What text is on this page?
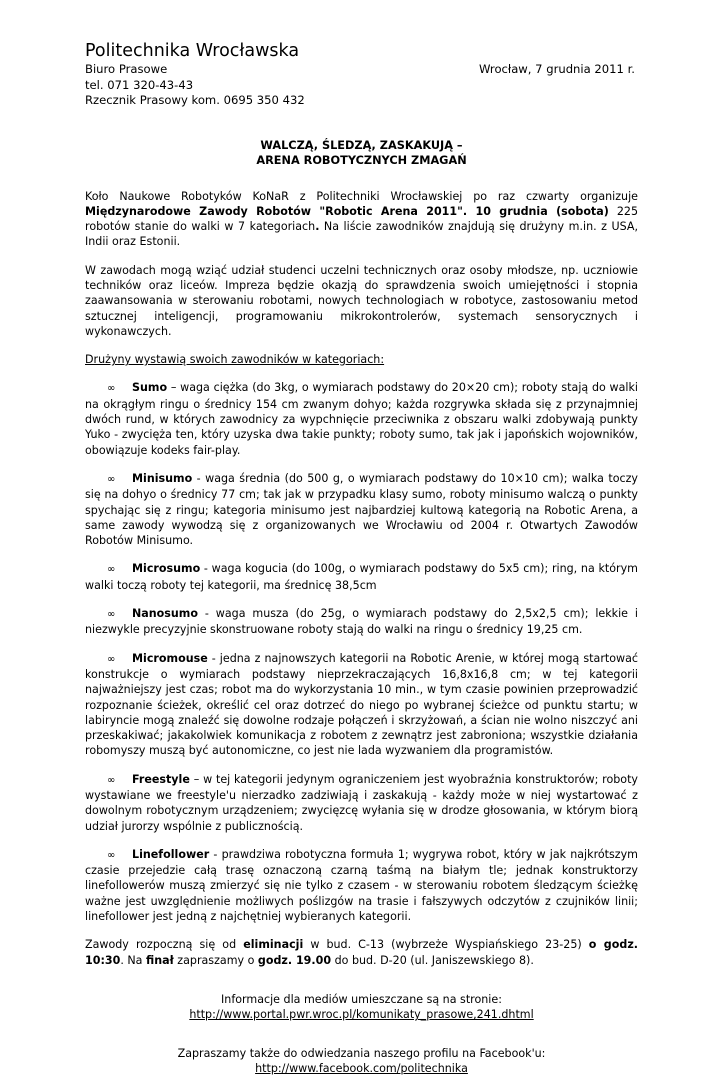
Politechnika Wrocławska
Biuro Prasowe	Wrocław, 7 grudnia 2011 r.
tel. 071 320-43-43
Rzecznik Prasowy kom. 0695 350 432
WALCZĄ, ŚLEDZĄ, ZASKAKUJĄ –
ARENA ROBOTYCZNYCH ZMAGAŃ

Koło Naukowe Robotyków KoNaR z Politechniki Wrocławskiej po raz czwarty organizuje Międzynarodowe Zawody Robotów "Robotic Arena 2011". 10 grudnia (sobota) 225 robotów stanie do walki w 7 kategoriach. Na liście zawodników znajdują się drużyny m.in. z USA, Indii oraz Estonii.

W zawodach mogą wziąć udział studenci uczelni technicznych oraz osoby młodsze, np. uczniowie techników oraz liceów. Impreza będzie okazją do sprawdzenia swoich umiejętności i stopnia zaawansowania w sterowaniu robotami, nowych technologiach w robotyce, zastosowaniu metod sztucznej inteligencji, programowaniu mikrokontrolerów, systemach sensorycznych i wykonawczych.

Drużyny wystawią swoich zawodników w kategoriach:

∞ Sumo – waga ciężka (do 3kg, o wymiarach podstawy do 20×20 cm); roboty stają do walki na okrągłym ringu o średnicy 154 cm zwanym dohyo; każda rozgrywka składa się z przynajmniej dwóch rund, w których zawodnicy za wypchnięcie przeciwnika z obszaru walki zdobywają punkty Yuko - zwycięża ten, który uzyska dwa takie punkty; roboty sumo, tak jak i japońskich wojowników, obowiązuje kodeks fair-play.

∞ Minisumo - waga średnia (do 500 g, o wymiarach podstawy do 10×10 cm); walka toczy się na dohyo o średnicy 77 cm; tak jak w przypadku klasy sumo, roboty minisumo walczą o punkty spychając się z ringu; kategoria minisumo jest najbardziej kultową kategorią na Robotic Arena, a same zawody wywodzą się z organizowanych we Wrocławiu od 2004 r. Otwartych Zawodów Robotów Minisumo.

∞ Microsumo - waga kogucia (do 100g, o wymiarach podstawy do 5x5 cm); ring, na którym walki toczą roboty tej kategorii, ma średnicę 38,5cm

∞ Nanosumo - waga musza (do 25g, o wymiarach podstawy do 2,5x2,5 cm); lekkie i niezwykle precyzyjnie skonstruowane roboty stają do walki na ringu o średnicy 19,25 cm.

∞ Micromouse - jedna z najnowszych kategorii na Robotic Arenie, w której mogą startować konstrukcje o wymiarach podstawy nieprzekraczających 16,8x16,8 cm; w tej kategorii najważniejszy jest czas; robot ma do wykorzystania 10 min., w tym czasie powinien przeprowadzić rozpoznanie ścieżek, określić cel oraz dotrzeć do niego po wybranej ścieżce od punktu startu; w labiryncie mogą znaleźć się dowolne rodzaje połączeń i skrzyżowań, a ścian nie wolno niszczyć ani przeskakiwać; jakakolwiek komunikacja z robotem z zewnątrz jest zabroniona; wszystkie działania robomyszy muszą być autonomiczne, co jest nie lada wyzwaniem dla programistów.

∞ Freestyle – w tej kategorii jedynym ograniczeniem jest wyobraźnia konstruktorów; roboty wystawiane we freestyle'u nierzadko zadziwiają i zaskakują - każdy może w niej wystartować z dowolnym robotycznym urządzeniem; zwycięzcę wyłania się w drodze głosowania, w którym biorą udział jurorzy wspólnie z publicznością.

∞ Linefollower - prawdziwa robotyczna formuła 1; wygrywa robot, który w jak najkrótszym czasie przejedzie całą trasę oznaczoną czarną taśmą na białym tle; jednak konstruktorzy linefollowerów muszą zmierzyć się nie tylko z czasem - w sterowaniu robotem śledzącym ścieżkę ważne jest uwzględnienie możliwych poślizgów na trasie i fałszywych odczytów z czujników linii; linefollower jest jedną z najchętniej wybieranych kategorii.

Zawody rozpoczną się od eliminacji w bud. C-13 (wybrzeże Wyspiańskiego 23-25) o godz. 10:30. Na finał zapraszamy o godz. 19.00 do bud. D-20 (ul. Janiszewskiego 8).

Informacje dla mediów umieszczane są na stronie:
http://www.portal.pwr.wroc.pl/komunikaty_prasowe,241.dhtml
Zapraszamy także do odwiedzania naszego profilu na Facebook'u:
http://www.facebook.com/politechnika
